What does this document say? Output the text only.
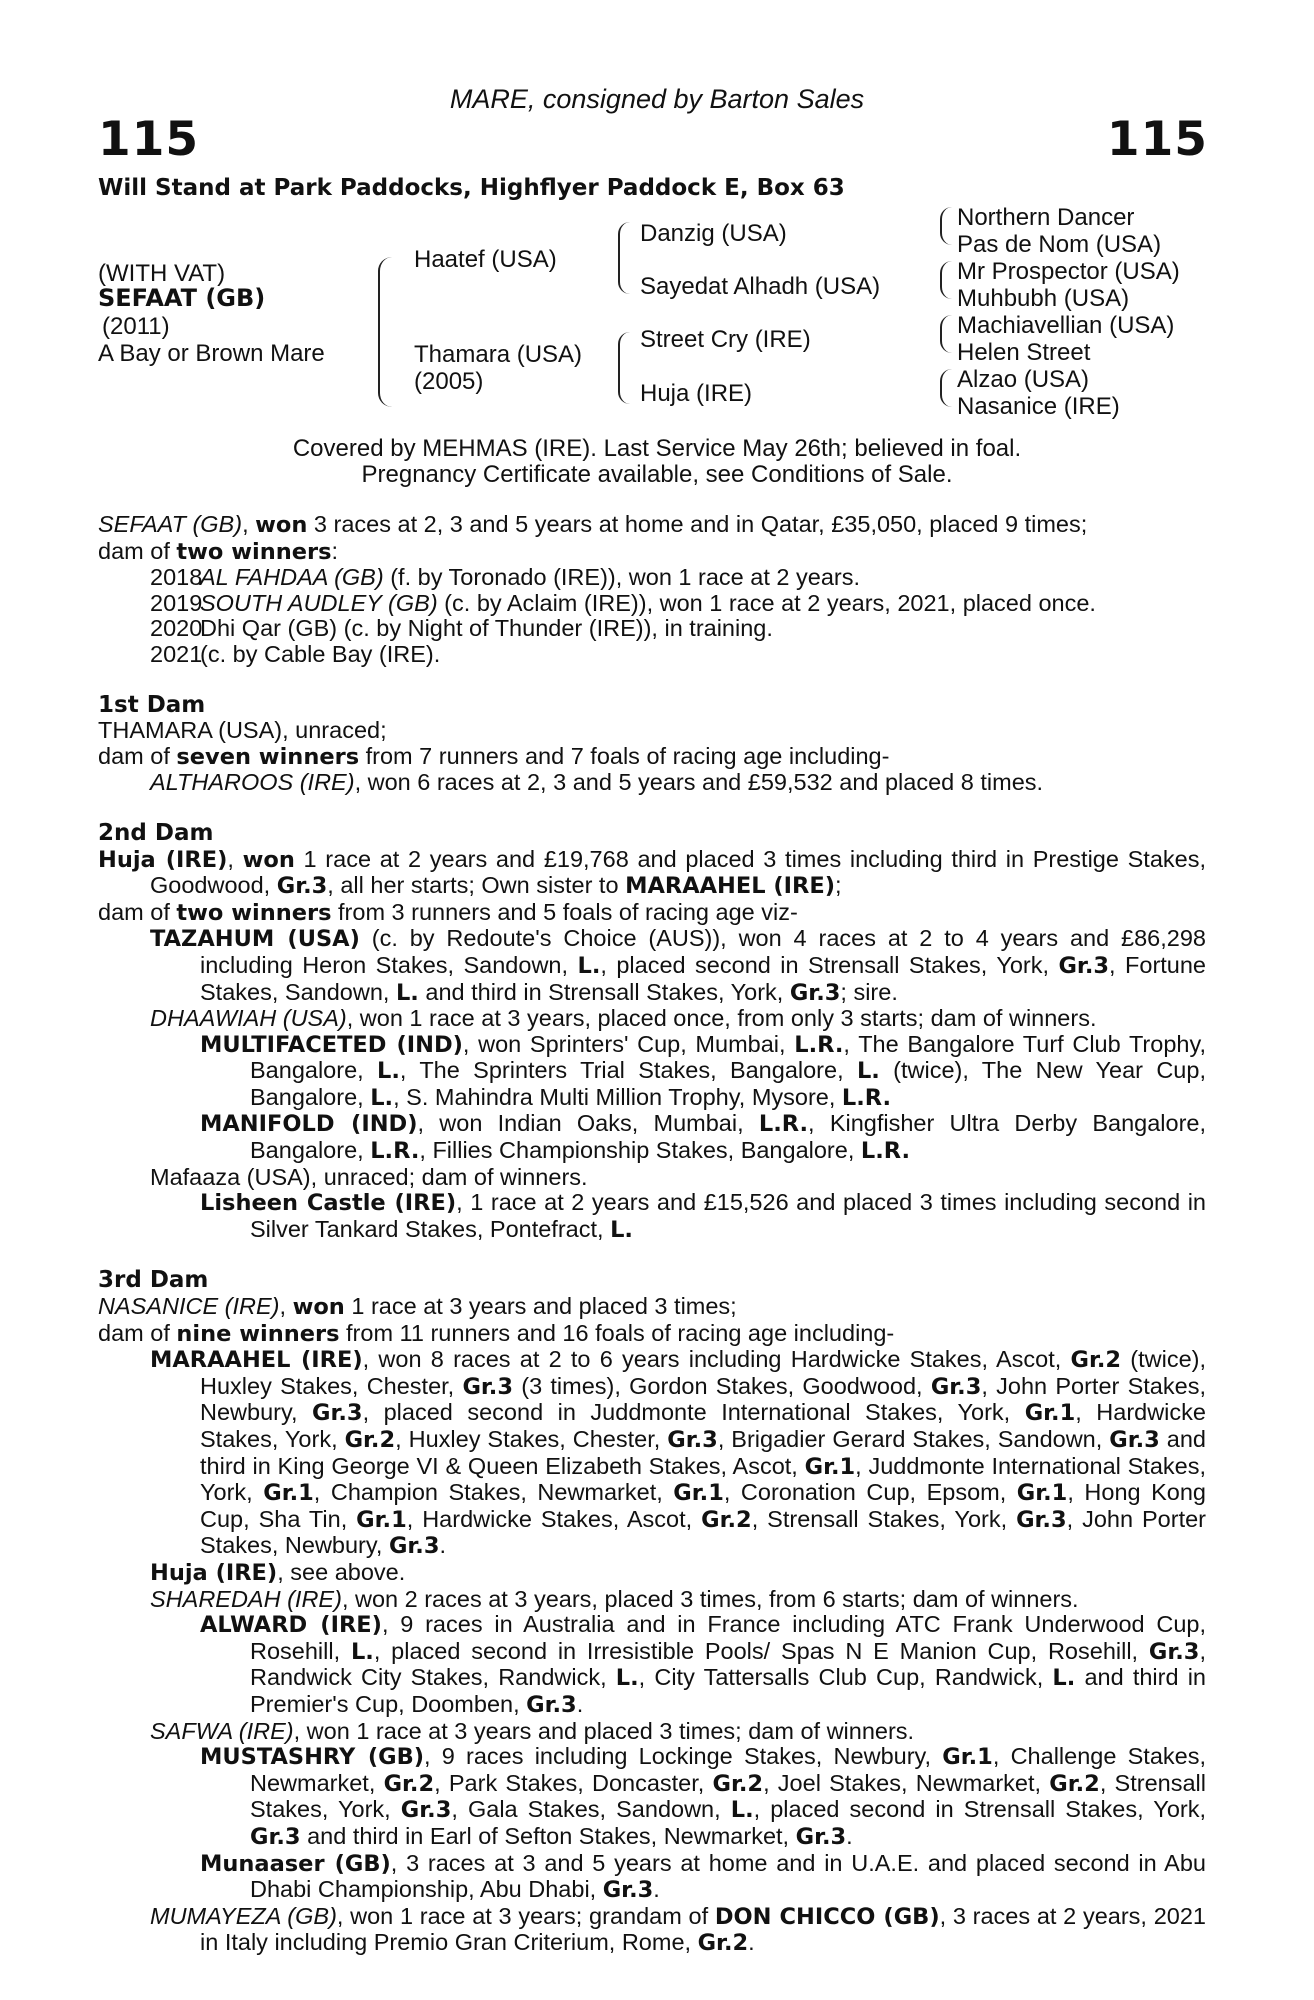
MARE, consigned by Barton Sales
115	115
Will Stand at Park Paddocks, Highflyer Paddock E, Box 63
(WITH VAT)
SEFAAT (GB)
(2011)
A Bay or Brown Mare
Haatef (USA)
Thamara (USA)
(2005)
Danzig (USA)
Sayedat Alhadh (USA)
Street Cry (IRE)
Huja (IRE)
Northern Dancer
Pas de Nom (USA)
Mr Prospector (USA)
Muhbubh (USA)
Machiavellian (USA)
Helen Street
Alzao (USA)
Nasanice (IRE)
Covered by MEHMAS (IRE). Last Service May 26th; believed in foal.
Pregnancy Certificate available, see Conditions of Sale.

SEFAAT (GB), won 3 races at 2, 3 and 5 years at home and in Qatar, £35,050, placed 9 times;

dam of two winners:

2018
AL FAHDAA (GB) (f. by Toronado (IRE)), won 1 race at 2 years.
2019
SOUTH AUDLEY (GB) (c. by Aclaim (IRE)), won 1 race at 2 years, 2021, placed once.
2020
Dhi Qar (GB) (c. by Night of Thunder (IRE)), in training.
2021
(c. by Cable Bay (IRE).

1st Dam

THAMARA (USA), unraced;

dam of seven winners from 7 runners and 7 foals of racing age including-

ALTHAROOS (IRE), won 6 races at 2, 3 and 5 years and £59,532 and placed 8 times.

2nd Dam

Huja (IRE), won 1 race at 2 years and £19,768 and placed 3 times including third in Prestige Stakes, Goodwood, Gr.3, all her starts; Own sister to MARAAHEL (IRE);

dam of two winners from 3 runners and 5 foals of racing age viz-

TAZAHUM (USA) (c. by Redoute's Choice (AUS)), won 4 races at 2 to 4 years and £86,298 including Heron Stakes, Sandown, L., placed second in Strensall Stakes, York, Gr.3, Fortune Stakes, Sandown, L. and third in Strensall Stakes, York, Gr.3; sire.

DHAAWIAH (USA), won 1 race at 3 years, placed once, from only 3 starts; dam of winners.

MULTIFACETED (IND), won Sprinters' Cup, Mumbai, L.R., The Bangalore Turf Club Trophy, Bangalore, L., The Sprinters Trial Stakes, Bangalore, L. (twice), The New Year Cup, Bangalore, L., S. Mahindra Multi Million Trophy, Mysore, L.R.

MANIFOLD (IND), won Indian Oaks, Mumbai, L.R., Kingfisher Ultra Derby Bangalore, Bangalore, L.R., Fillies Championship Stakes, Bangalore, L.R.

Mafaaza (USA), unraced; dam of winners.

Lisheen Castle (IRE), 1 race at 2 years and £15,526 and placed 3 times including second in Silver Tankard Stakes, Pontefract, L.

3rd Dam

NASANICE (IRE), won 1 race at 3 years and placed 3 times;

dam of nine winners from 11 runners and 16 foals of racing age including-

MARAAHEL (IRE), won 8 races at 2 to 6 years including Hardwicke Stakes, Ascot, Gr.2 (twice), Huxley Stakes, Chester, Gr.3 (3 times), Gordon Stakes, Goodwood, Gr.3, John Porter Stakes, Newbury, Gr.3, placed second in Juddmonte International Stakes, York, Gr.1, Hardwicke Stakes, York, Gr.2, Huxley Stakes, Chester, Gr.3, Brigadier Gerard Stakes, Sandown, Gr.3 and third in King George VI & Queen Elizabeth Stakes, Ascot, Gr.1, Juddmonte International Stakes, York, Gr.1, Champion Stakes, Newmarket, Gr.1, Coronation Cup, Epsom, Gr.1, Hong Kong Cup, Sha Tin, Gr.1, Hardwicke Stakes, Ascot, Gr.2, Strensall Stakes, York, Gr.3, John Porter Stakes, Newbury, Gr.3.

Huja (IRE), see above.

SHAREDAH (IRE), won 2 races at 3 years, placed 3 times, from 6 starts; dam of winners.

ALWARD (IRE), 9 races in Australia and in France including ATC Frank Underwood Cup, Rosehill, L., placed second in Irresistible Pools/ Spas N E Manion Cup, Rosehill, Gr.3, Randwick City Stakes, Randwick, L., City Tattersalls Club Cup, Randwick, L. and third in Premier's Cup, Doomben, Gr.3.

SAFWA (IRE), won 1 race at 3 years and placed 3 times; dam of winners.

MUSTASHRY (GB), 9 races including Lockinge Stakes, Newbury, Gr.1, Challenge Stakes, Newmarket, Gr.2, Park Stakes, Doncaster, Gr.2, Joel Stakes, Newmarket, Gr.2, Strensall Stakes, York, Gr.3, Gala Stakes, Sandown, L., placed second in Strensall Stakes, York, Gr.3 and third in Earl of Sefton Stakes, Newmarket, Gr.3.

Munaaser (GB), 3 races at 3 and 5 years at home and in U.A.E. and placed second in Abu Dhabi Championship, Abu Dhabi, Gr.3.

MUMAYEZA (GB), won 1 race at 3 years; grandam of DON CHICCO (GB), 3 races at 2 years, 2021 in Italy including Premio Gran Criterium, Rome, Gr.2.
